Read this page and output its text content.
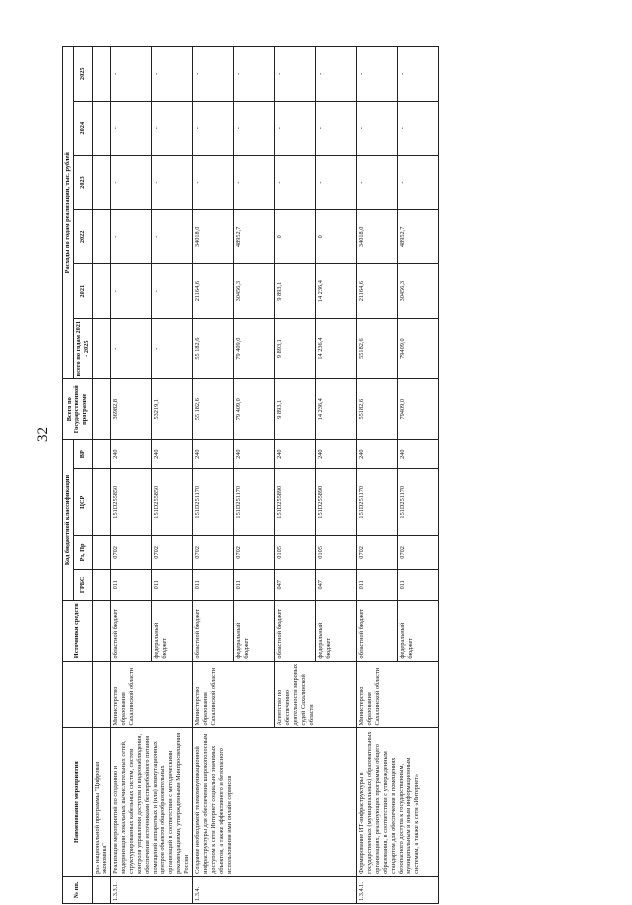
32
№ пп.	Наименование мероприятия		Источники средств	Код бюджетной классификации				Всего по Государственной программе	Расходы по годам реализации, тыс. рублей					
				ГРБС	Рз, Пр	ЦСР	ВР		всего по годам 2021 - 2025	2021	2022	2023	2024	2025
	ра» национальной программы "Цифровая экономика"													
1.3.3.1.	Реализация мероприятий по созданию и модернизации локальных вычислительных сетей, структурированных кабельных систем, систем контроля управления доступом и видеонаблюдения, обеспечения источниками бесперебойного питания помещений аппаратных и (или) коммутационных центров объектов общеобразовательных организаций в соответствии с методическими рекомендациями, утвержденными Минпросвещения России	Министерство образования Сахалинской области	областной бюджет	011	0702	151D255850	240	36982,8	-	-	-	-	-	-
			федеральный бюджет	011	0702	151D255850	240	53219,1	-	-	-	-	-	-
1.3.4.	Создание необходимой телекоммуникационной инфраструктуры для обеспечения широкополосным доступом к сети Интернет социально значимых объектов, а также эффективного и безопасного использования ими онлайн сервисов	Министерство образования Сахалинской области	областной бюджет	011	0702	151D251170	240	55 182,6	55 182,6	21164,6	34018,0	-	-	-
			федеральный бюджет	011	0702	151D251170	240	79 409,0	79 409,0	30456,3	48952,7	-	-	-
		Агентство по обеспечению деятельности мировых судей Сахалинской области	областной бюджет	047	0105	151D255890	240	9 893,1	9 893,1	9 893,1	0	-	-	-
			федеральный бюджет	047	0105	151D255890	240	14 236,4	14 236,4	14 236,4	0	-	-	-
1.3.4.1.	Формирование ИТ-инфраструктуры в государственных (муниципальных) образовательных организациях, реализующих программы общего образования, в соответствии с утвержденным стандартом для обеспечения в помещениях безопасного доступа к государственным, муниципальным и иным информационным системам, а также к сети «Интернет»	Министерство образования Сахалинской области	областной бюджет	011	0702	151D251170	240	55182,6	55182,6	21164,6	34018,0	-	-	-
			федеральный бюджет	011	0702	151D251170	240	79409,0	79409,0	30456,3	48952,7	-	-	-
